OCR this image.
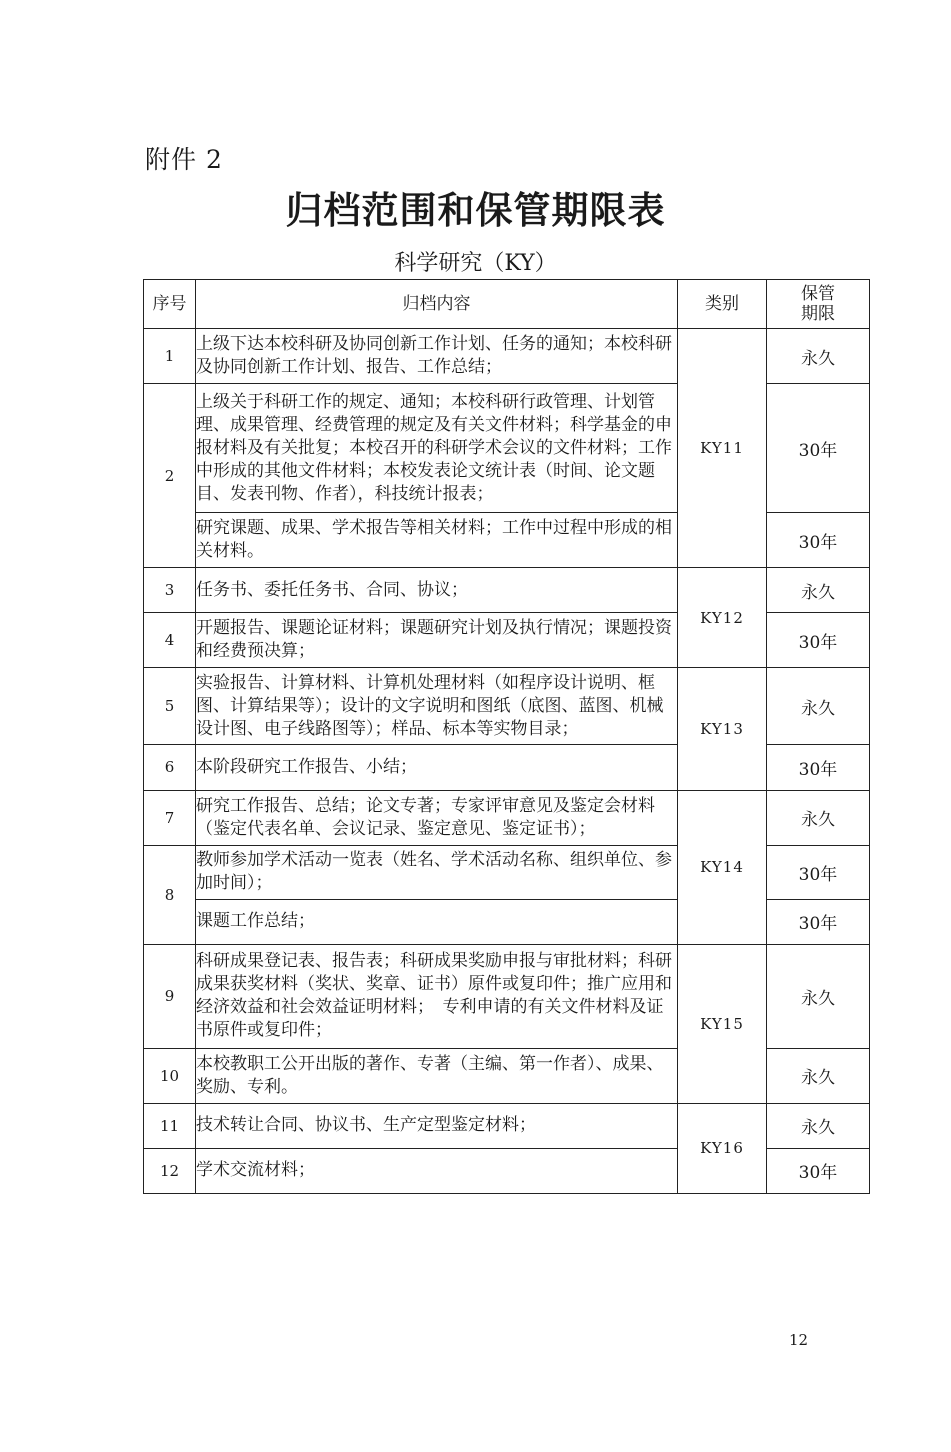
附件 2
归档范围和保管期限表
科学研究（KY）
序号	归档内容	类别	保管期限

1	上级下达本校科研及协同创新工作计划、任务的通知；本校科研及协同创新工作计划、报告、工作总结；	KY11	永久
2	上级关于科研工作的规定、通知；本校科研行政管理、计划管理、成果管理、经费管理的规定及有关文件材料；科学基金的申报材料及有关批复；本校召开的科研学术会议的文件材料；工作中形成的其他文件材料；本校发表论文统计表（时间、论文题目、发表刊物、作者），科技统计报表；		30年
	研究课题、成果、学术报告等相关材料；工作中过程中形成的相关材料。		30年
3	任务书、委托任务书、合同、协议；	KY12	永久
4	开题报告、课题论证材料；课题研究计划及执行情况；课题投资和经费预决算；		30年
5	实验报告、计算材料、计算机处理材料（如程序设计说明、框图、计算结果等）；设计的文字说明和图纸（底图、蓝图、机械设计图、电子线路图等）；样品、标本等实物目录；	KY13	永久
6	本阶段研究工作报告、小结；		30年
7	研究工作报告、总结；论文专著；专家评审意见及鉴定会材料（鉴定代表名单、会议记录、鉴定意见、鉴定证书）；	KY14	永久
8	教师参加学术活动一览表（姓名、学术活动名称、组织单位、参加时间）；		30年
	课题工作总结；		30年
9	科研成果登记表、报告表；科研成果奖励申报与审批材料；科研成果获奖材料（奖状、奖章、证书）原件或复印件；推广应用和经济效益和社会效益证明材料；　专利申请的有关文件材料及证书原件或复印件；	KY15	永久
10	本校教职工公开出版的著作、专著（主编、第一作者）、成果、奖励、专利。		永久
11	技术转让合同、协议书、生产定型鉴定材料；	KY16	永久
12	学术交流材料；		30年
12
